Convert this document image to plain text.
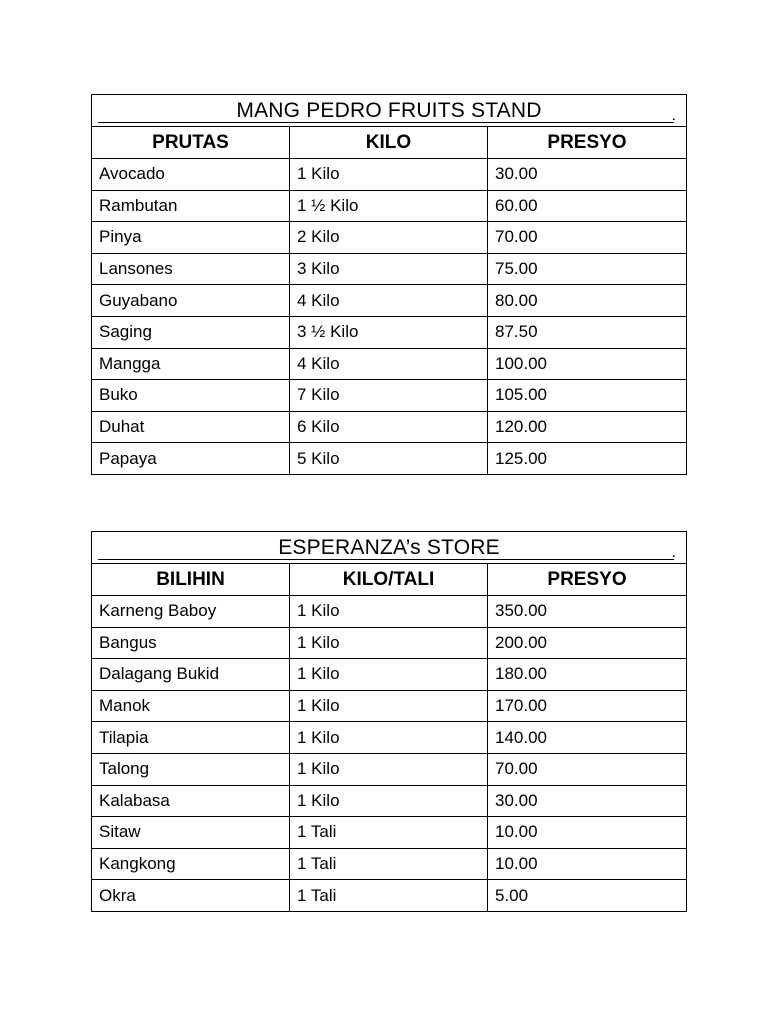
MANG PEDRO FRUITS STAND .		

PRUTAS	KILO	PRESYO
Avocado	1 Kilo	30.00
Rambutan	1 ½ Kilo	60.00
Pinya	2 Kilo	70.00
Lansones	3 Kilo	75.00
Guyabano	4 Kilo	80.00
Saging	3 ½ Kilo	87.50
Mangga	4 Kilo	100.00
Buko	7 Kilo	105.00
Duhat	6 Kilo	120.00
Papaya	5 Kilo	125.00
ESPERANZA’s STORE .		

BILIHIN	KILO/TALI	PRESYO
Karneng Baboy	1 Kilo	350.00
Bangus	1 Kilo	200.00
Dalagang Bukid	1 Kilo	180.00
Manok	1 Kilo	170.00
Tilapia	1 Kilo	140.00
Talong	1 Kilo	70.00
Kalabasa	1 Kilo	30.00
Sitaw	1 Tali	10.00
Kangkong	1 Tali	10.00
Okra	1 Tali	5.00
